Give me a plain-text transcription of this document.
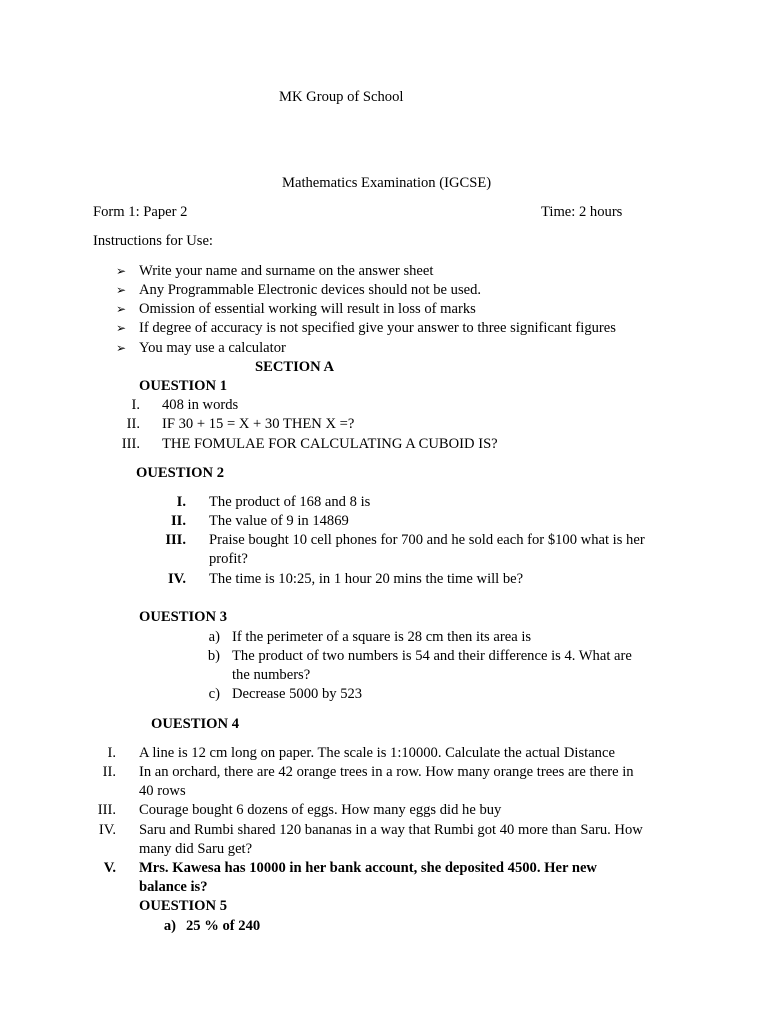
MK Group of School
Mathematics Examination (IGCSE)
Form 1: Paper 2	Time: 2 hours
Instructions for Use:
➢ Write your name and surname on the answer sheet
➢ Any Programmable Electronic devices should not be used.
➢ Omission of essential working will result in loss of marks
➢ If degree of accuracy is not specified give your answer to three significant figures
➢ You may use a calculator
SECTION A
OUESTION 1
I. 408 in words
II. IF 30 + 15 = X + 30 THEN X =?
III. THE FOMULAE FOR CALCULATING A CUBOID IS?
OUESTION 2
I. The product of 168 and 8 is
II. The value of 9 in 14869
III. Praise bought 10 cell phones for 700 and he sold each for $100 what is her
profit?
IV. The time is 10:25, in 1 hour 20 mins the time will be?
OUESTION 3
a) If the perimeter of a square is 28 cm then its area is
b) The product of two numbers is 54 and their difference is 4. What are
the numbers?
c) Decrease 5000 by 523
OUESTION 4
I. A line is 12 cm long on paper. The scale is 1:10000. Calculate the actual Distance
II. In an orchard, there are 42 orange trees in a row. How many orange trees are there in
40 rows
III. Courage bought 6 dozens of eggs. How many eggs did he buy
IV. Saru and Rumbi shared 120 bananas in a way that Rumbi got 40 more than Saru. How
many did Saru get?
V. Mrs. Kawesa has 10000 in her bank account, she deposited 4500. Her new
balance is?
OUESTION 5
a) 25 % of 240
